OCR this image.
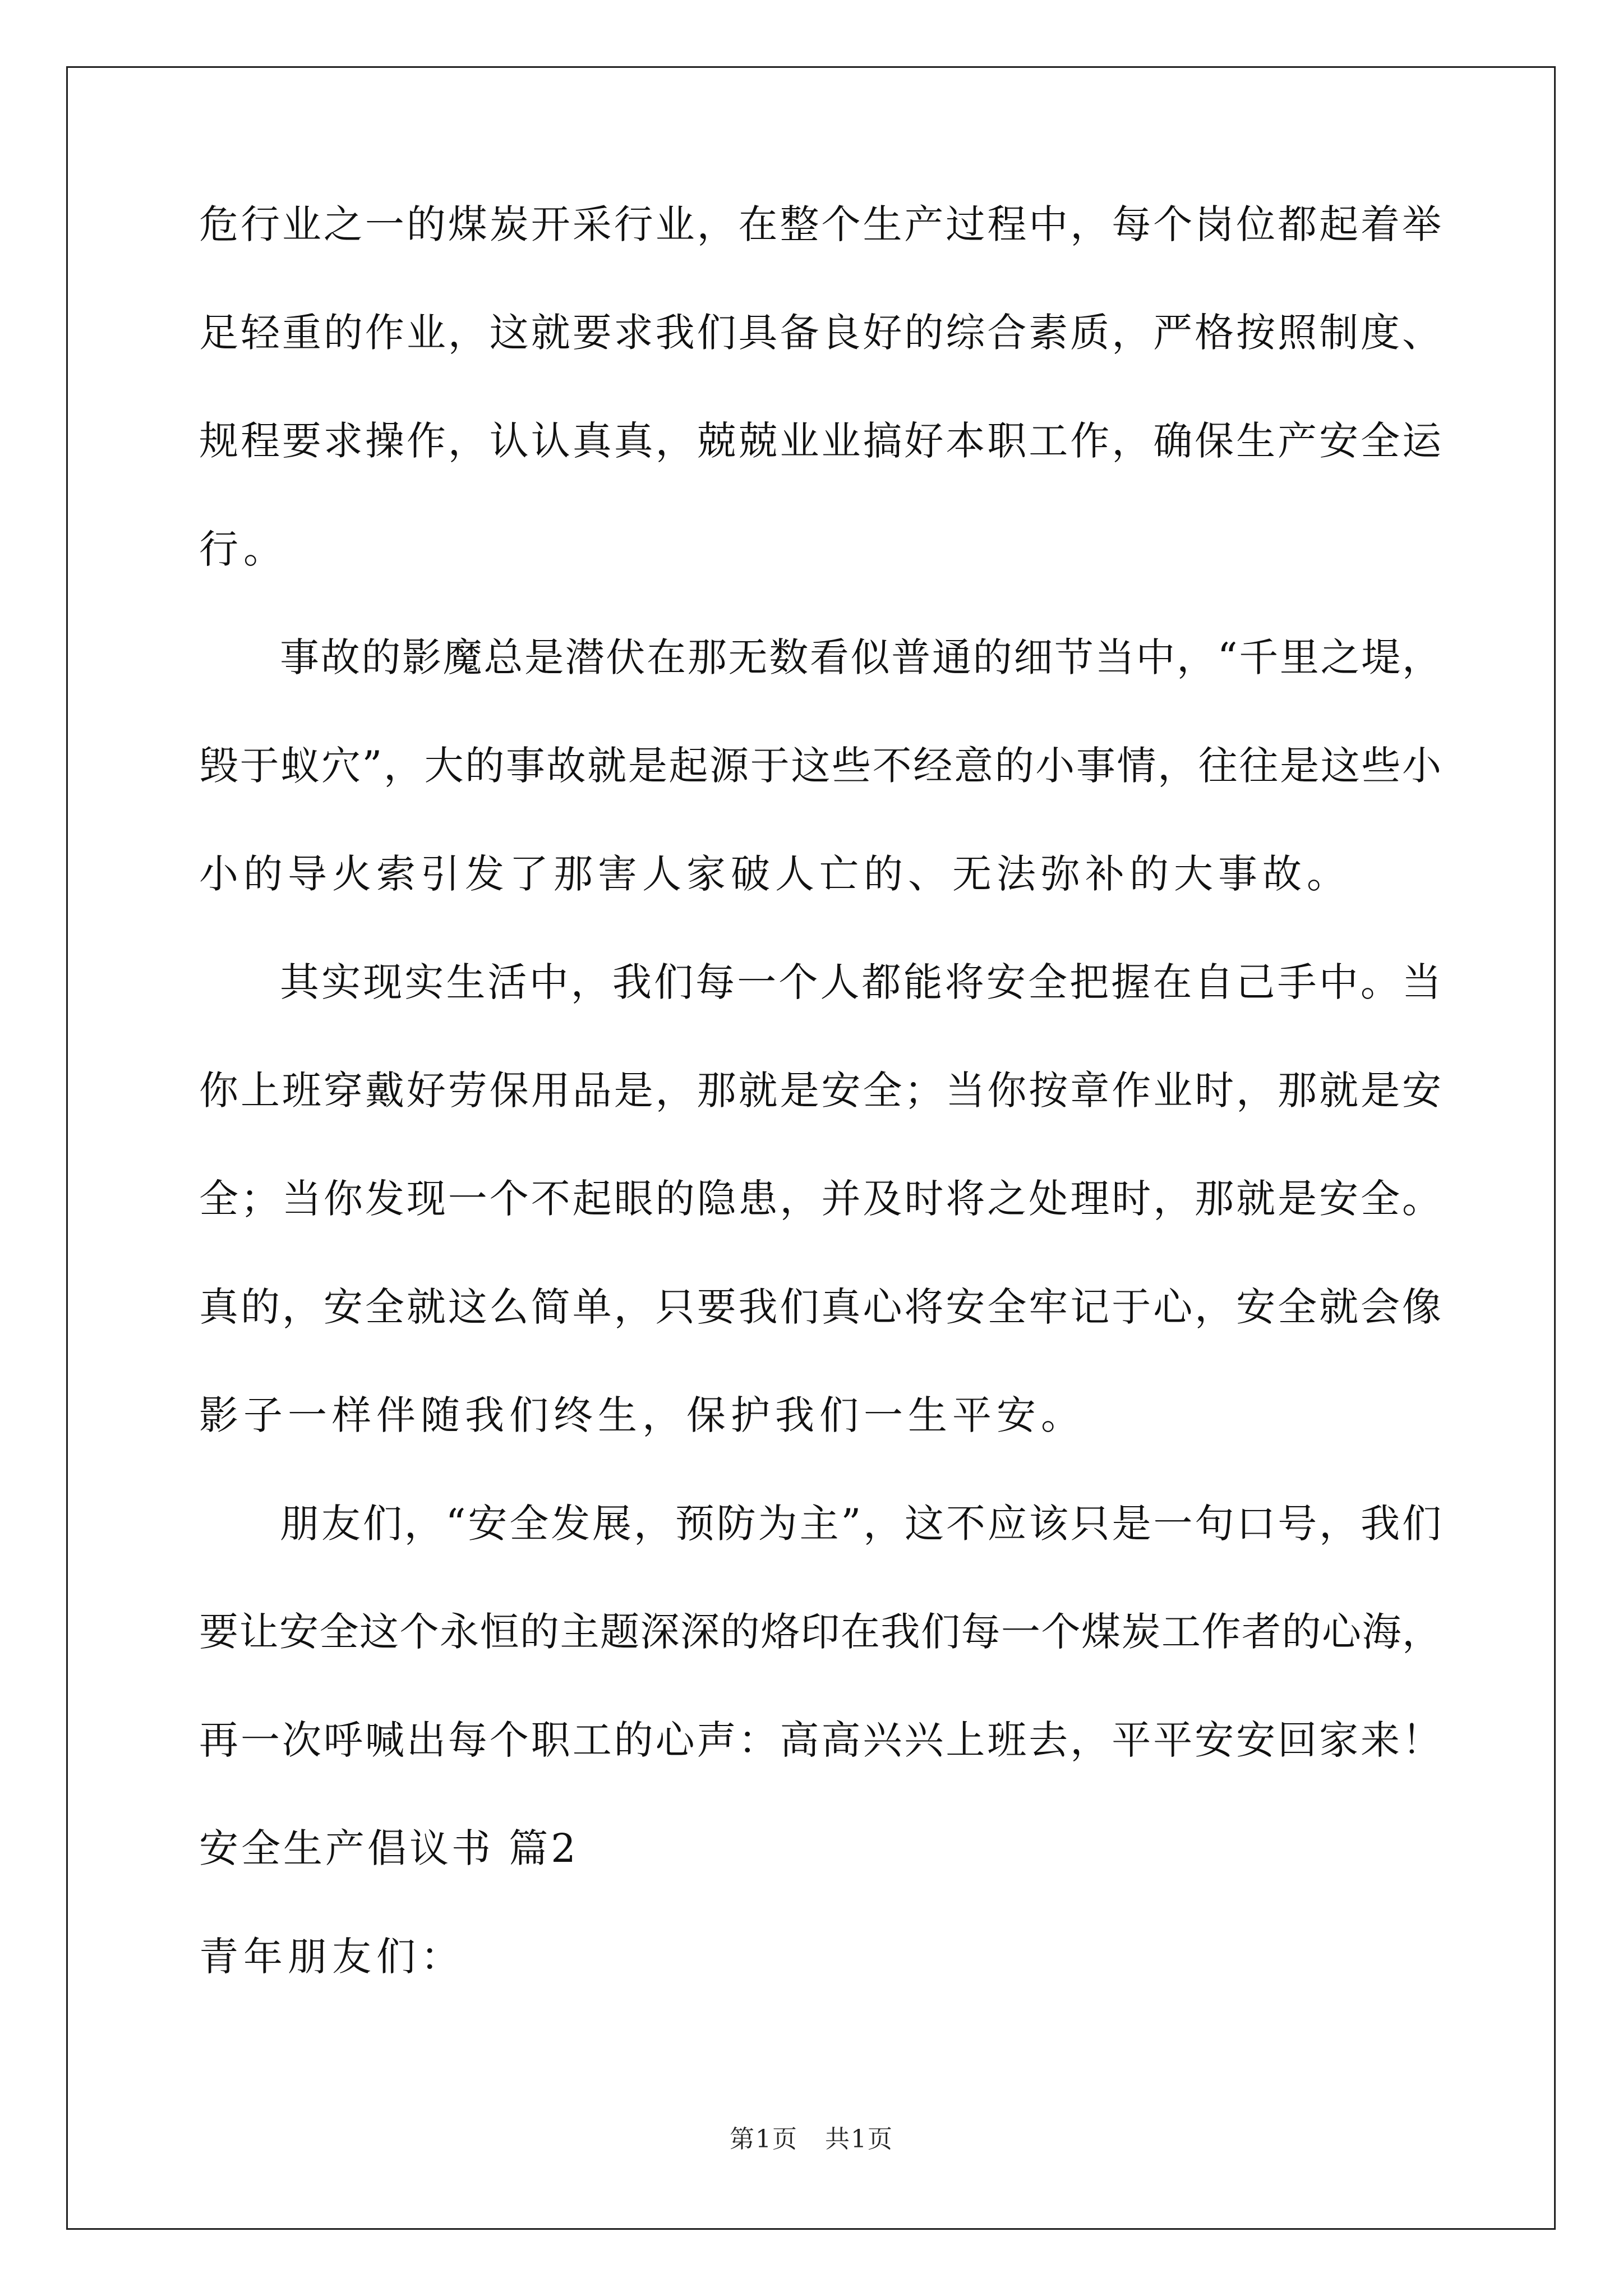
危行业之一的煤炭开采行业，在整个生产过程中，每个岗位都起着举
足轻重的作业，这就要求我们具备良好的综合素质，严格按照制度、
规程要求操作，认认真真，兢兢业业搞好本职工作，确保生产安全运
行。
事故的影魔总是潜伏在那无数看似普通的细节当中，“千里之堤，
毁于蚁穴”，大的事故就是起源于这些不经意的小事情，往往是这些小
小的导火索引发了那害人家破人亡的、无法弥补的大事故。
其实现实生活中，我们每一个人都能将安全把握在自己手中。当
你上班穿戴好劳保用品是，那就是安全；当你按章作业时，那就是安
全；当你发现一个不起眼的隐患，并及时将之处理时，那就是安全。
真的，安全就这么简单，只要我们真心将安全牢记于心，安全就会像
影子一样伴随我们终生，保护我们一生平安。
朋友们，“安全发展，预防为主”，这不应该只是一句口号，我们
要让安全这个永恒的主题深深的烙印在我们每一个煤炭工作者的心海，
再一次呼喊出每个职工的心声：高高兴兴上班去，平平安安回家来！
安全生产倡议书 篇2
青年朋友们：
第1页   共1页
